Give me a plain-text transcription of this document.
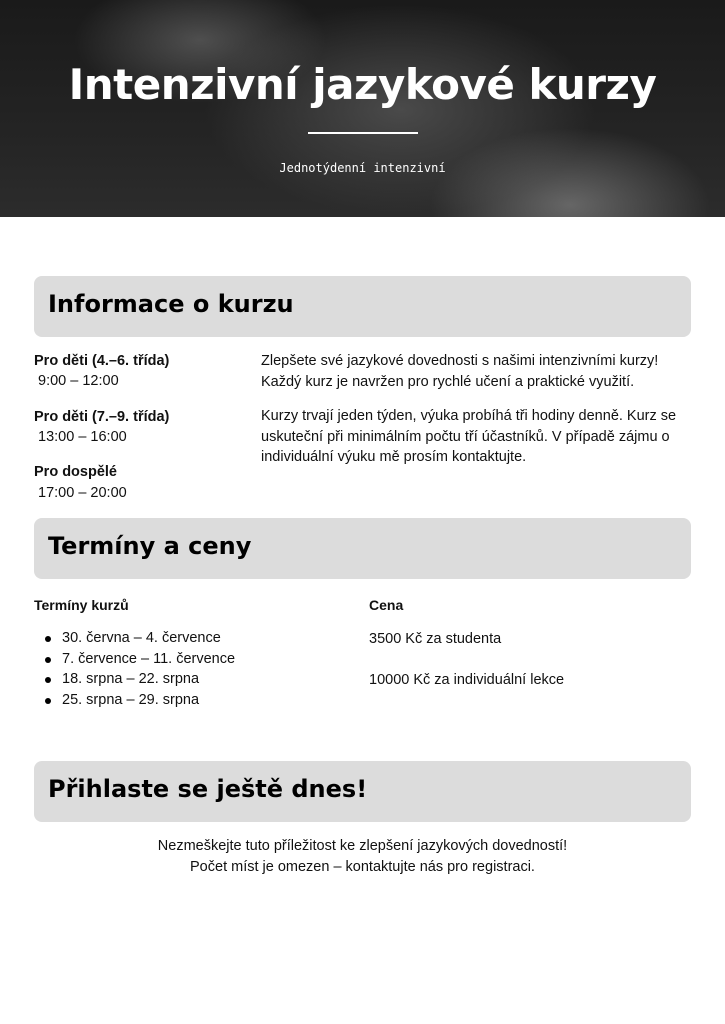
Intenzivní jazykové kurzy
Jednotýdenní intenzivní
Informace o kurzu
Pro děti (4.–6. třída)
9:00 – 12:00
Pro děti (7.–9. třída)
13:00 – 16:00
Pro dospělé
17:00 – 20:00
Zlepšete své jazykové dovednosti s našimi intenzivními kurzy! Každý kurz je navržen pro rychlé učení a praktické využití.
Kurzy trvají jeden týden, výuka probíhá tři hodiny denně. Kurz se uskuteční při minimálním počtu tří účastníků. V případě zájmu o individuální výuku mě prosím kontaktujte.
Termíny a ceny
Termíny kurzů
30. června – 4. července
7. července – 11. července
18. srpna – 22. srpna
25. srpna – 29. srpna
Cena
3500 Kč za studenta
10000 Kč za individuální lekce
Přihlaste se ještě dnes!
Nezmeškejte tuto příležitost ke zlepšení jazykových dovedností!
Počet míst je omezen – kontaktujte nás pro registraci.
